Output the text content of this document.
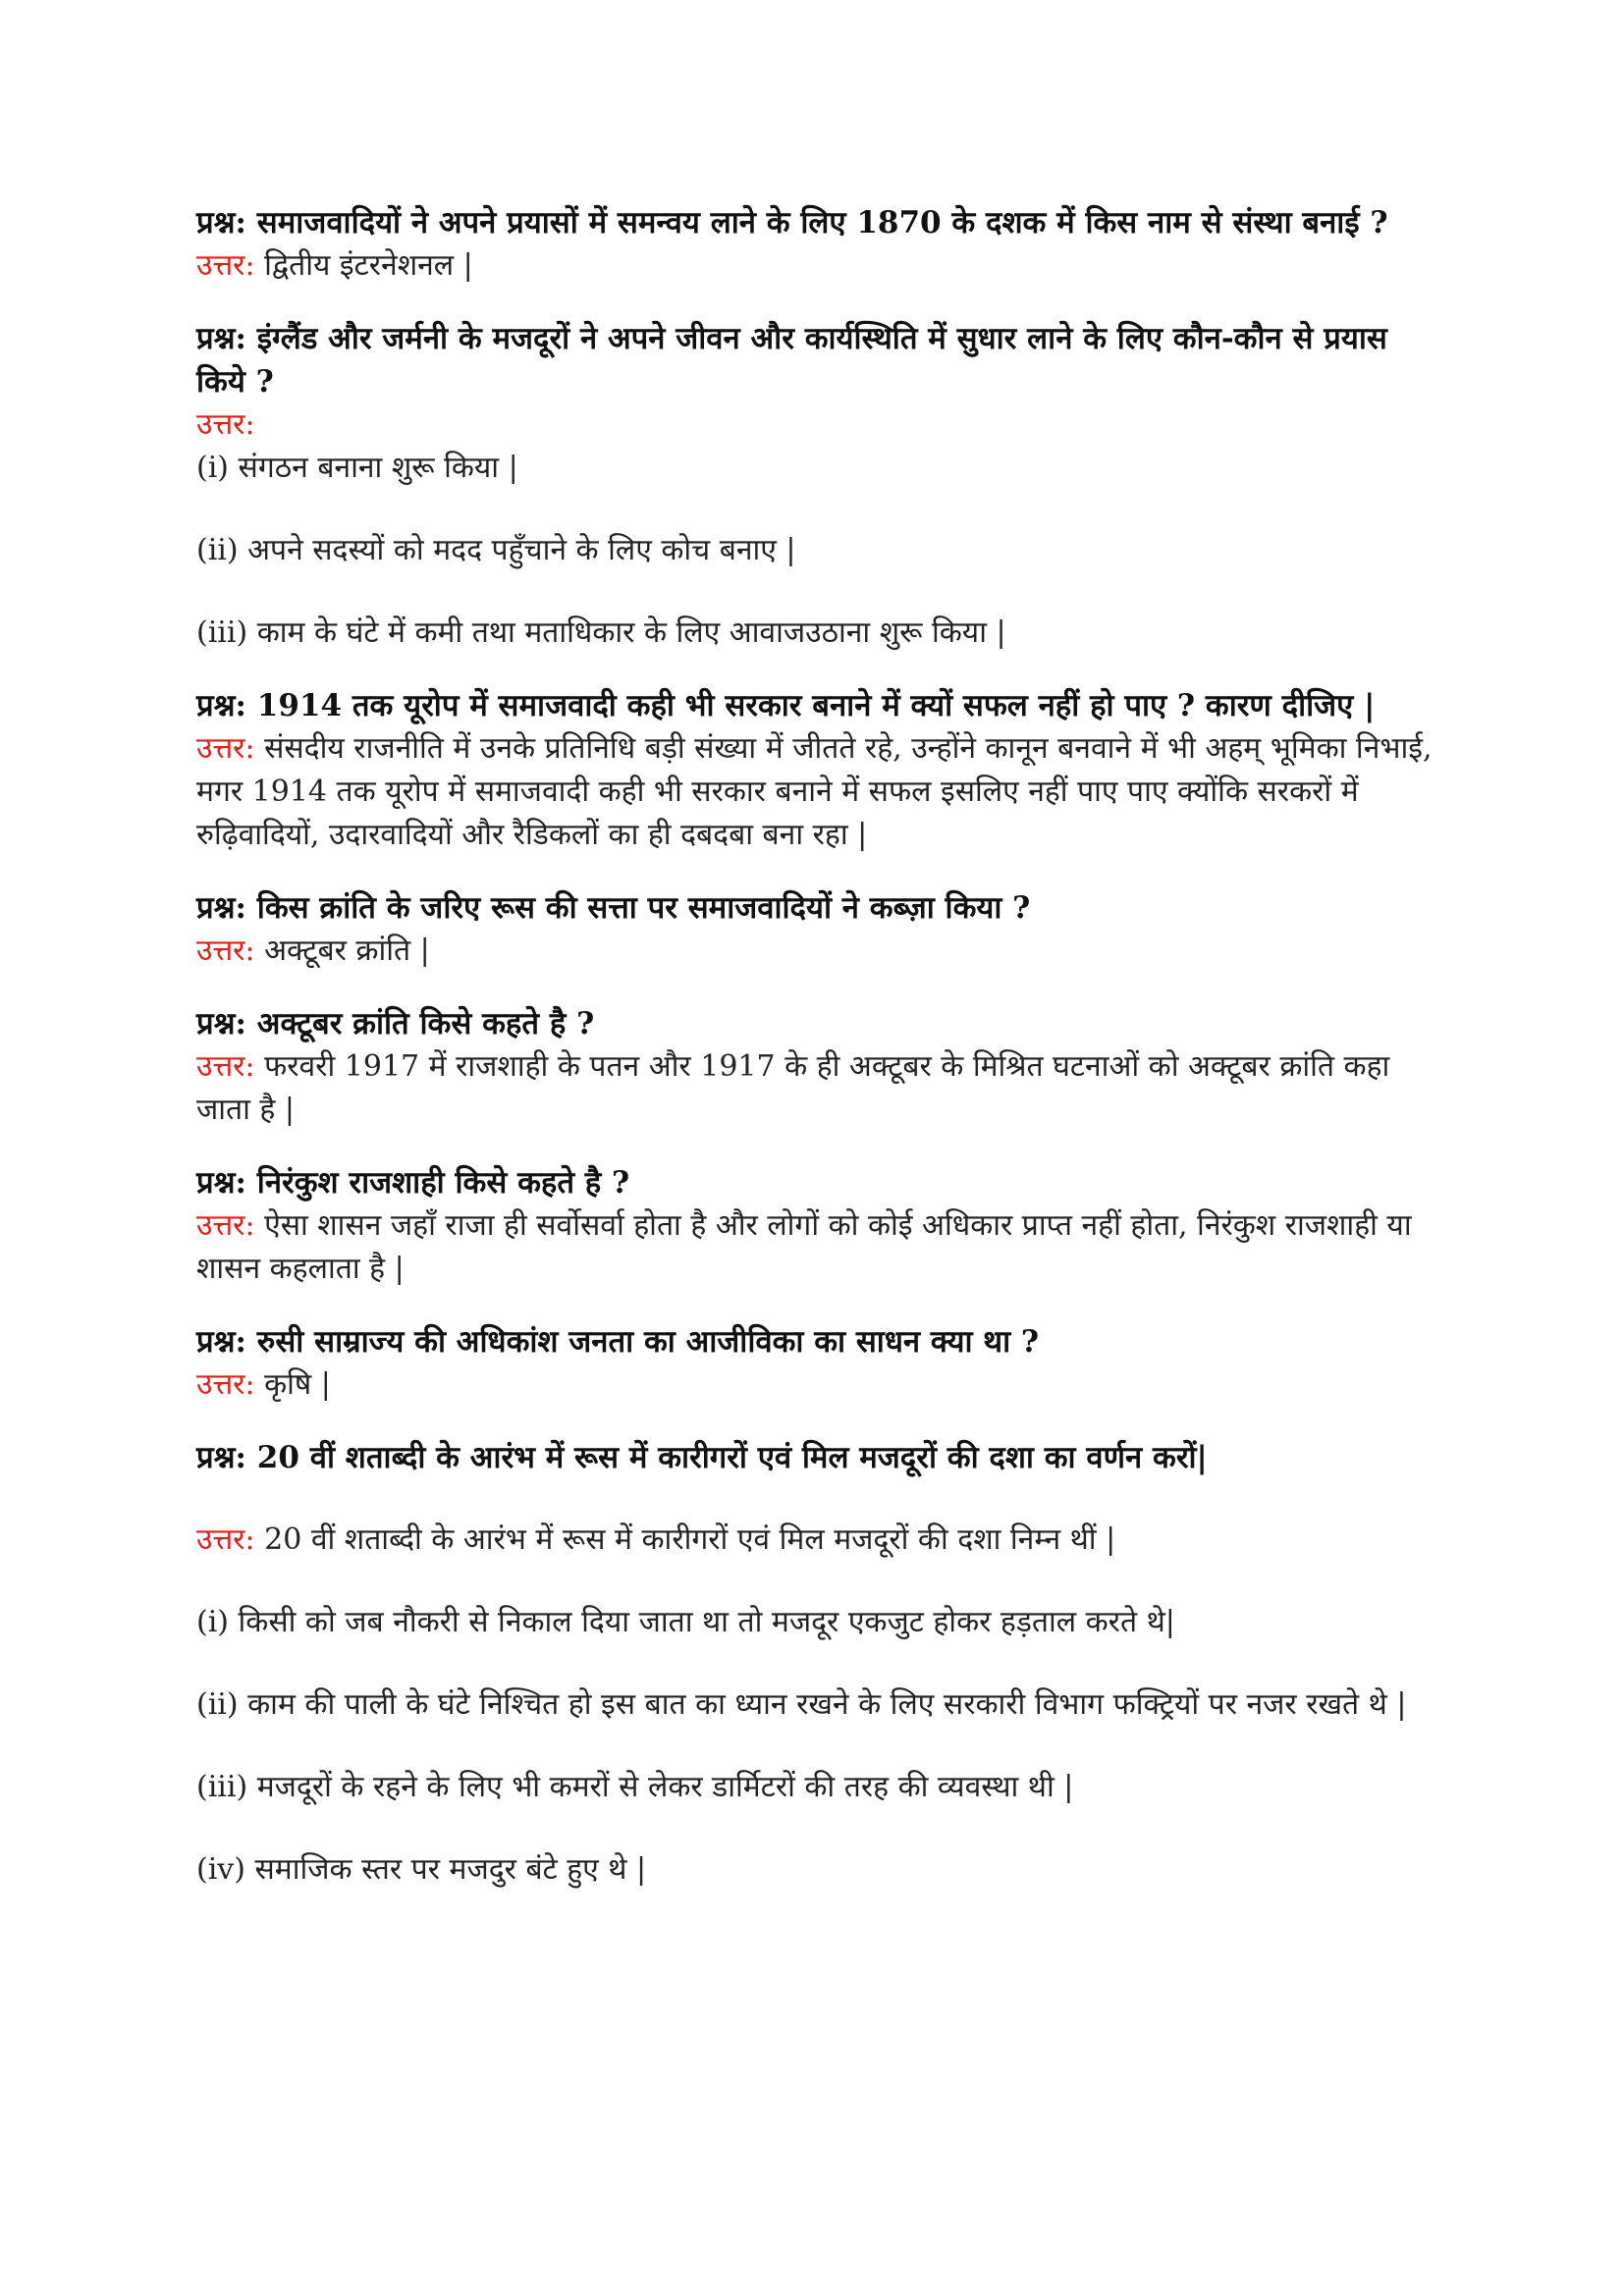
प्रश्न: समाजवादियों ने अपने प्रयासों में समन्वय लाने के लिए 1870 के दशक में किस नाम से संस्था बनाई ?

उत्तर: द्वितीय इंटरनेशनल |

प्रश्न: इंग्लैंड और जर्मनी के मजदूरों ने अपने जीवन और कार्यस्थिति में सुधार लाने के लिए कौन-कौन से प्रयास किये ?

उत्तर:

(i) संगठन बनाना शुरू किया |

(ii) अपने सदस्यों को मदद पहुँचाने के लिए कोच बनाए |

(iii) काम के घंटे में कमी तथा मताधिकार के लिए आवाजउठाना शुरू किया |

प्रश्न: 1914 तक यूरोप में समाजवादी कही भी सरकार बनाने में क्यों सफल नहीं हो पाए ? कारण दीजिए |

उत्तर: संसदीय राजनीति में उनके प्रतिनिधि बड़ी संख्या में जीतते रहे, उन्होंने कानून बनवाने में भी अहम् भूमिका निभाई, मगर 1914 तक यूरोप में समाजवादी कही भी सरकार बनाने में सफल इसलिए नहीं पाए पाए क्योंकि सरकरों में रुढ़िवादियों, उदारवादियों और रैडिकलों का ही दबदबा बना रहा |

प्रश्न: किस क्रांति के जरिए रूस की सत्ता पर समाजवादियों ने कब्ज़ा किया ?

उत्तर: अक्टूबर क्रांति |

प्रश्न: अक्टूबर क्रांति किसे कहते है ?

उत्तर: फरवरी 1917 में राजशाही के पतन और 1917 के ही अक्टूबर के मिश्रित घटनाओं को अक्टूबर क्रांति कहा जाता है |

प्रश्न: निरंकुश राजशाही किसे कहते है ?

उत्तर: ऐसा शासन जहाँ राजा ही सर्वोसर्वा होता है और लोगों को कोई अधिकार प्राप्त नहीं होता, निरंकुश राजशाही या शासन कहलाता है |

प्रश्न: रुसी साम्राज्य की अधिकांश जनता का आजीविका का साधन क्या था ?

उत्तर: कृषि |

प्रश्न: 20 वीं शताब्दी के आरंभ में रूस में कारीगरों एवं मिल मजदूरों की दशा का वर्णन करों|

उत्तर: 20 वीं शताब्दी के आरंभ में रूस में कारीगरों एवं मिल मजदूरों की दशा निम्न थीं |

(i) किसी को जब नौकरी से निकाल दिया जाता था तो मजदूर एकजुट होकर हड़ताल करते थे|

(ii) काम की पाली के घंटे निश्चित हो इस बात का ध्यान रखने के लिए सरकारी विभाग फक्ट्रियों पर नजर रखते थे |

(iii) मजदूरों के रहने के लिए भी कमरों से लेकर डार्मिटरों की तरह की व्यवस्था थी |

(iv) समाजिक स्तर पर मजदुर बंटे हुए थे |
